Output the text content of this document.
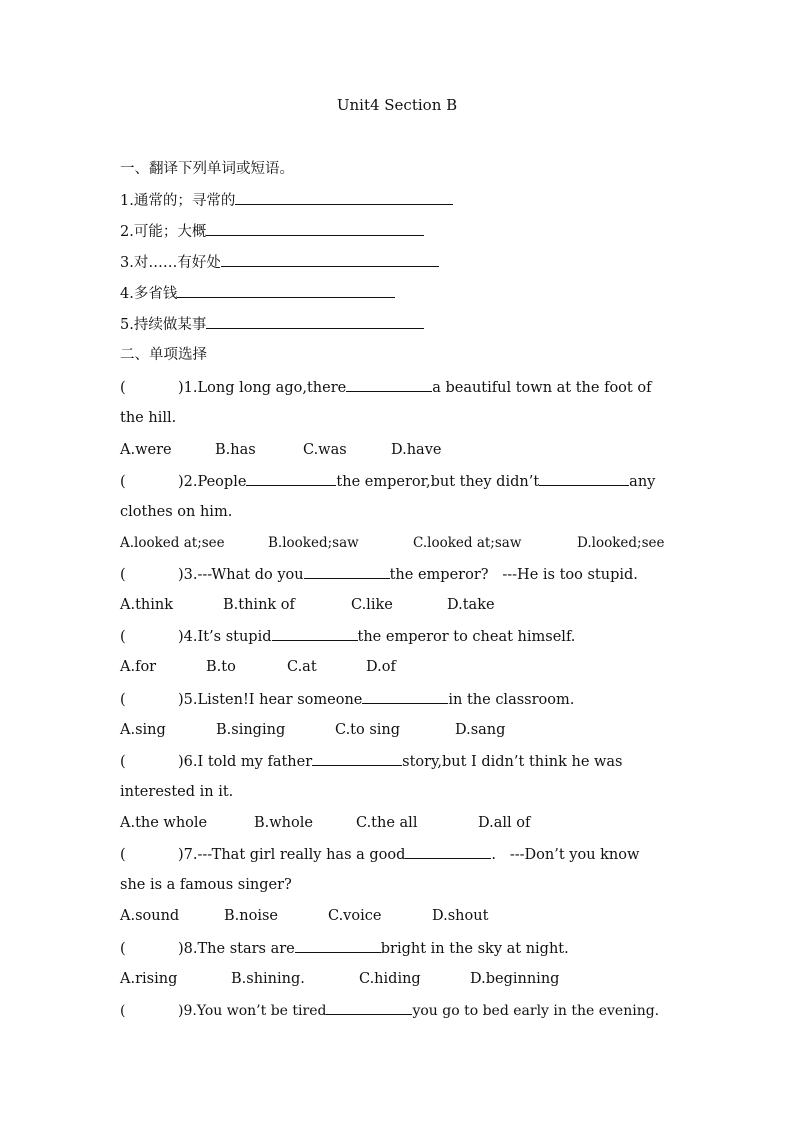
Unit4 Section B
一、翻译下列单词或短语。
1.通常的；寻常的
2.可能；大概
3.对……有好处
4.多省钱
5.持续做某事
二、单项选择
(	)1.Long long ago,there	a beautiful town at the foot of
the hill.
A.were	B.has	C.was	D.have
(	)2.People	the emperor,but they didn’t	any
clothes on him.
A.looked at;see	B.looked;saw	C.looked at;saw	D.looked;see
(	)3.---What do you	the emperor?   ---He is too stupid.
A.think	B.think of	C.like	D.take
(	)4.It’s stupid	the emperor to cheat himself.
A.for	B.to	C.at	D.of
(	)5.Listen!I hear someone	in the classroom.
A.sing	B.singing	C.to sing	D.sang
(	)6.I told my father	story,but I didn’t think he was
interested in it.
A.the whole	B.whole	C.the all	D.all of
(	)7.---That girl really has a good	.   ---Don’t you know
she is a famous singer?
A.sound	B.noise	C.voice	D.shout
(	)8.The stars are	bright in the sky at night.
A.rising	B.shining.	C.hiding	D.beginning
(	)9.You won’t be tired	you go to bed early in the evening.
